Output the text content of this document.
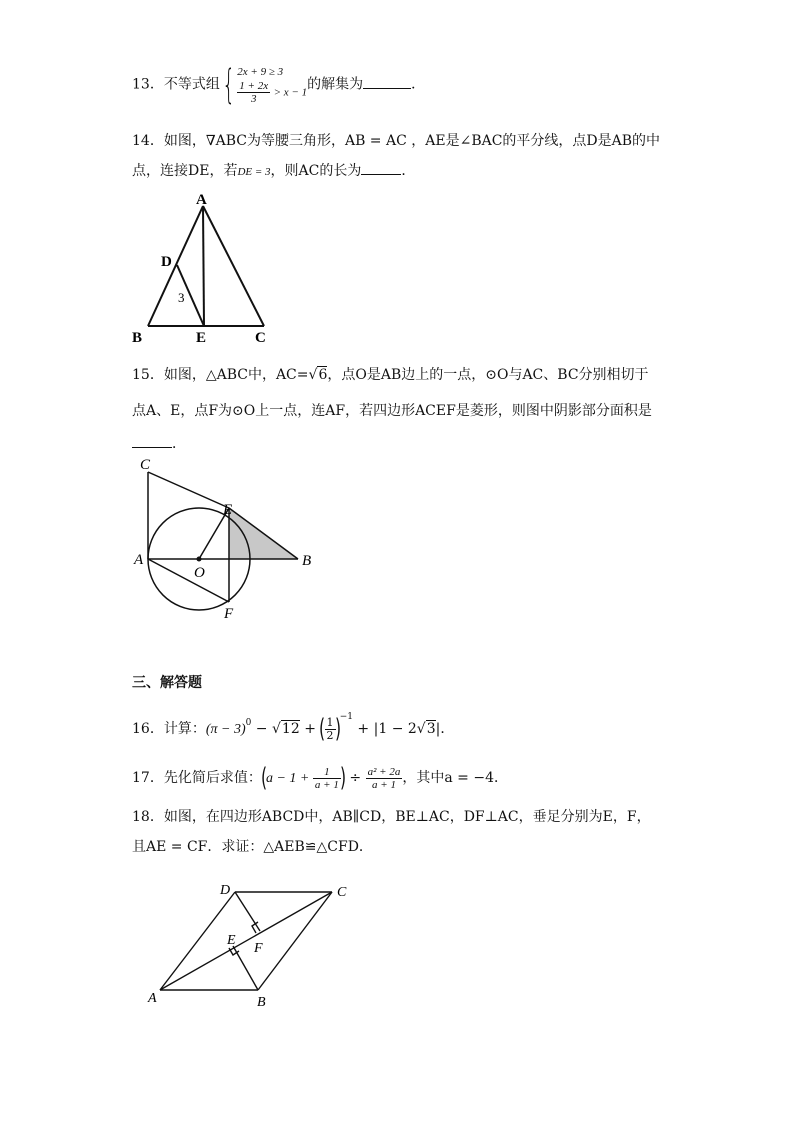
13．不等式组{ 2x + 9 ≥ 3
$\frac{1 + 2x}{3} > x - 1$ 的解集为	．
14．如图，∇ABC为等腰三角形，AB = AC ，AE是∠BAC的平分线，点D是AB的中
点，连接DE，若DE = 3，则AC的长为	．
A
D
B	E	C
3
15．如图，△ABC中，AC=√6，点O是AB边上的一点，⊙O与AC、BC分别相切于
点A、E，点F为⊙O上一点，连AF，若四边形ACEF是菱形，则图中阴影部分面积是
．
C
E
A
O
B
F
三、解答题
16．计算：$(\pi - 3)^0 - √12$ + ( $\frac{1}{2} )^{-1} + |1 - 2√3|$．
17．先化简后求值：($a - 1 + \frac{1}{a + 1}$ ) ÷ $\frac{\text{a² + 2a}}{a + 1}$ ，其中a = −4．
18．如图，在四边形ABCD中，AB∥CD，BE⊥AC，DF⊥AC，垂足分别为E，F，
且AE = CF．求证：△AEB≌△CFD．
D	C
E
F
A	B
